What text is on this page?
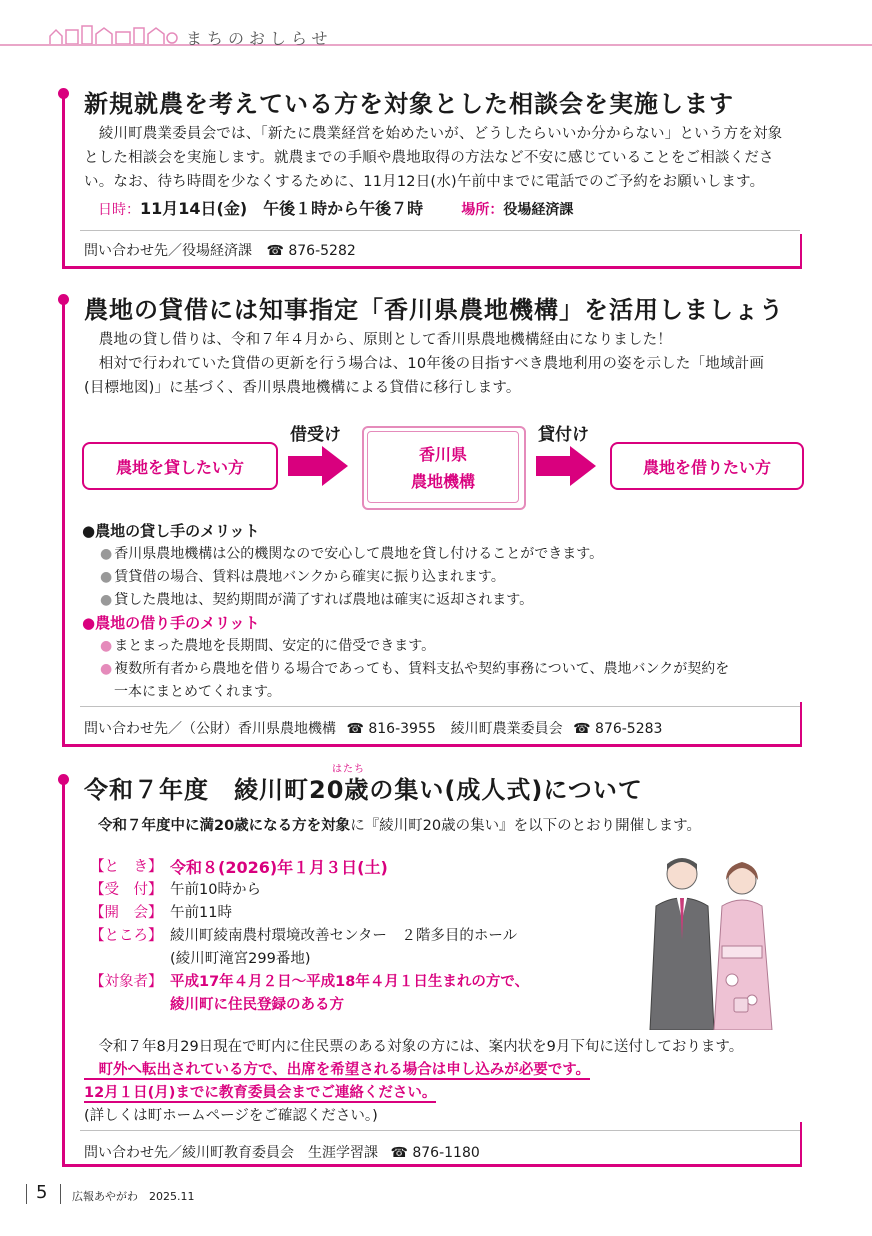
まちのおしらせ
新規就農を考えている方を対象とした相談会を実施します
　綾川町農業委員会では、「新たに農業経営を始めたいが、どうしたらいいか分からない」という方を対象
とした相談会を実施します。就農までの手順や農地取得の方法など不安に感じていることをご相談くださ
い。なお、待ち時間を少なくするために、11月12日(水)午前中までに電話でのご予約をお願いします。
日時：11月14日(金)　午後１時から午後７時	場所：役場経済課
問い合わせ先／役場経済課 ☎ 876-5282
農地の貸借には知事指定「香川県農地機構」を活用しましょう
　農地の貸し借りは、令和７年４月から、原則として香川県農地機構経由になりました！
　相対で行われていた貸借の更新を行う場合は、10年後の目指すべき農地利用の姿を示した「地域計画
(目標地図)」に基づく、香川県農地機構による貸借に移行します。
農地を貸したい方
借受け
香川県
農地機構
貸付け
農地を借りたい方
●農地の貸し手のメリット
● 香川県農地機構は公的機関なので安心して農地を貸し付けることができます。
● 賃貸借の場合、賃料は農地バンクから確実に振り込まれます。
● 貸した農地は、契約期間が満了すれば農地は確実に返却されます。
●農地の借り手のメリット
● まとまった農地を長期間、安定的に借受できます。
● 複数所有者から農地を借りる場合であっても、賃料支払や契約事務について、農地バンクが契約を
一本にまとめてくれます。
問い合わせ先／（公財）香川県農地機構 ☎ 816-3955 綾川町農業委員会 ☎ 876-5283
はたち
令和７年度　綾川町20歳の集い(成人式)について
令和７年度中に満20歳になる方を対象に『綾川町20歳の集い』を以下のとおり開催します。
【と　き】 令和８(2026)年１月３日(土)
【受　付】 午前10時から
【開　会】 午前11時
【ところ】 綾川町綾南農村環境改善センター　２階多目的ホール
(綾川町滝宮299番地)
【対象者】 平成17年４月２日〜平成18年４月１日生まれの方で、
綾川町に住民登録のある方
　令和７年8月29日現在で町内に住民票のある対象の方には、案内状を9月下旬に送付しております。
　町外へ転出されている方で、出席を希望される場合は申し込みが必要です。
12月１日(月)までに教育委員会までご連絡ください。
(詳しくは町ホームページをご確認ください。)
問い合わせ先／綾川町教育委員会　生涯学習課 ☎ 876-1180
5 広報あやがわ　2025.11
